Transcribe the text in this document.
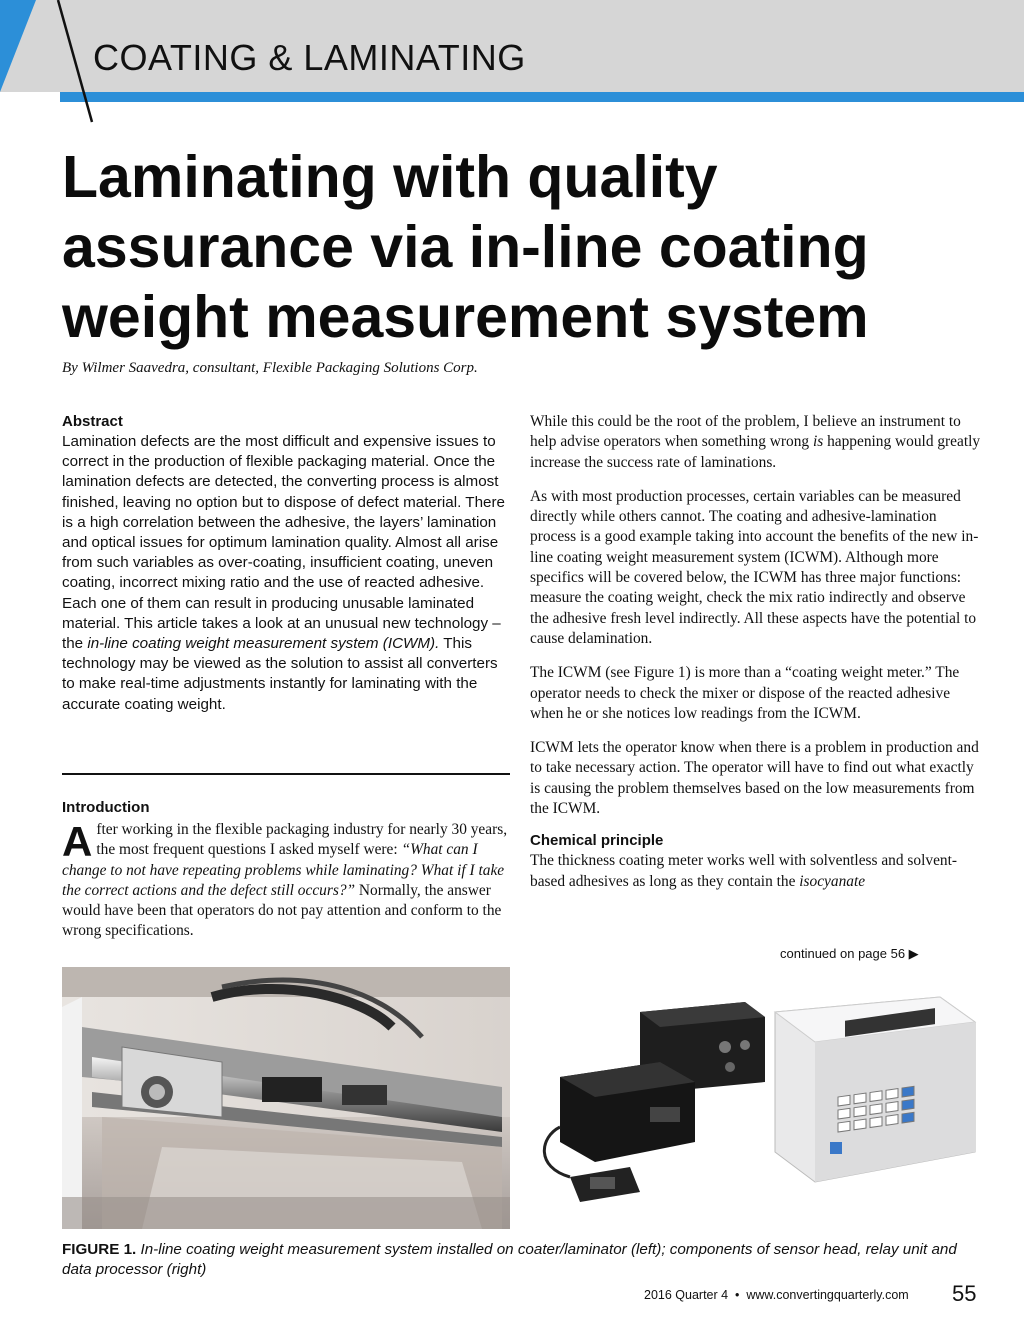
COATING & LAMINATING
Laminating with quality assurance via in-line coating weight measurement system
By Wilmer Saavedra, consultant, Flexible Packaging Solutions Corp.
Abstract
Lamination defects are the most difficult and expensive issues to correct in the production of flexible packaging material. Once the lamination defects are detected, the converting process is almost finished, leaving no option but to dispose of defect material. There is a high correlation between the adhesive, the layers’ lamination and optical issues for optimum lamination quality. Almost all arise from such variables as over-coating, insufficient coating, uneven coating, incorrect mixing ratio and the use of reacted adhesive. Each one of them can result in producing unusable laminated material. This article takes a look at an unusual new technology – the in-line coating weight measurement system (ICWM). This technology may be viewed as the solution to assist all converters to make real-time adjustments instantly for laminating with the accurate coating weight.
Introduction

After working in the flexible packaging industry for nearly 30 years, the most frequent questions I asked myself were: “What can I change to not have repeating problems while laminating? What if I take the correct actions and the defect still occurs?” Normally, the answer would have been that operators do not pay attention and conform to the wrong specifications.

While this could be the root of the problem, I believe an instrument to help advise operators when something wrong is happening would greatly increase the success rate of laminations.

As with most production processes, certain variables can be measured directly while others cannot. The coating and adhesive-lamination process is a good example taking into account the benefits of the new in-line coating weight measurement system (ICWM). Although more specifics will be covered below, the ICWM has three major functions: measure the coating weight, check the mix ratio indirectly and observe the adhesive fresh level indirectly. All these aspects have the potential to cause delamination.

The ICWM (see Figure 1) is more than a “coating weight meter.” The operator needs to check the mixer or dispose of the reacted adhesive when he or she notices low readings from the ICWM.

ICWM lets the operator know when there is a problem in production and to take necessary action. The operator will have to find out what exactly is causing the problem themselves based on the low measurements from the ICWM.

Chemical principle

The thickness coating meter works well with solventless and solvent-based adhesives as long as they contain the isocyanate

continued on page 56 ▶
FIGURE 1. In-line coating weight measurement system installed on coater/laminator (left); components of sensor head, relay unit and data processor (right)
2016 Quarter 4  •  www.convertingquarterly.com 55
